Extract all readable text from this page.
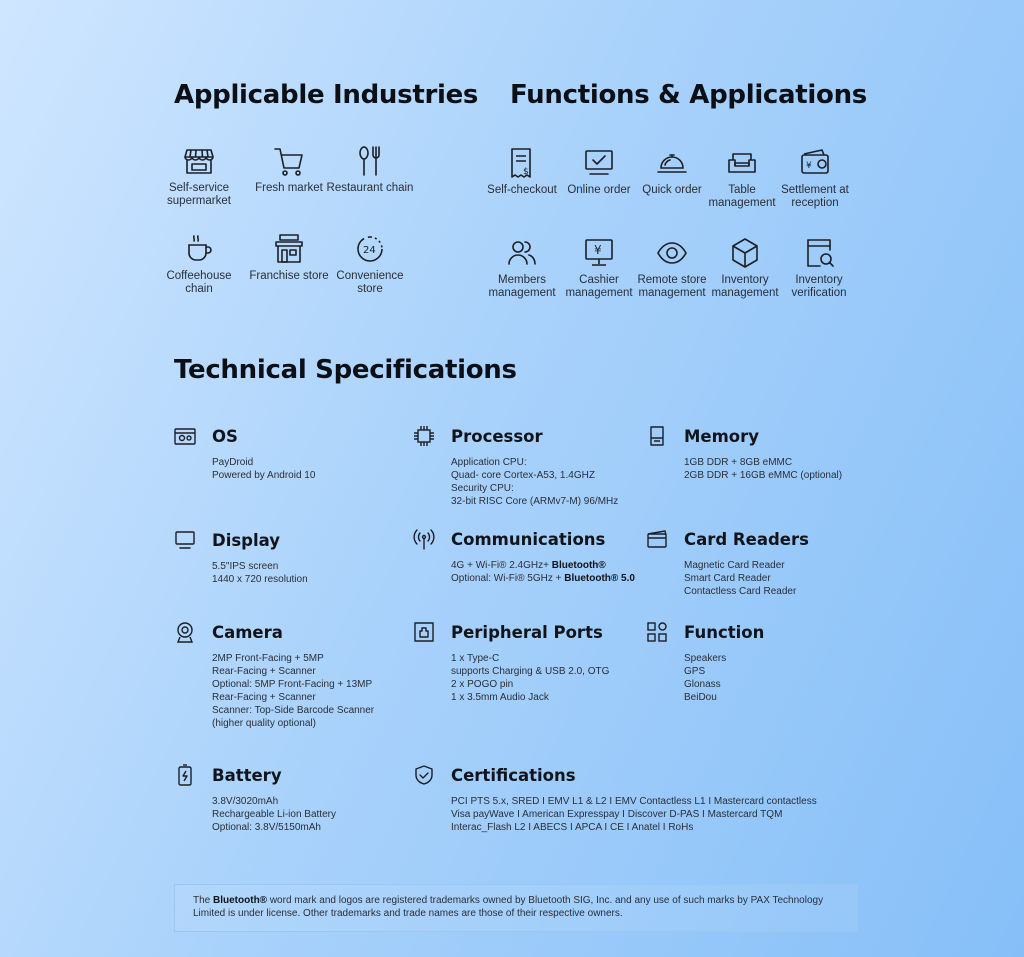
Applicable Industries Functions & Applications
Self-service supermarket
Fresh market Restaurant chain
Coffeehouse chain
Franchise store
24
Convenience store
$
Self-checkout Online order	Quick order	Table management
¥
Settlement at reception
Members management
¥
Cashier management
Remote store management
Inventory management
Inventory verification
Technical Specifications
OS
PayDroid
Powered by Android 10
Processor
Application CPU:
Quad- core Cortex-A53, 1.4GHZ
Security CPU:
32-bit RISC Core (ARMv7-M) 96/MHz
Memory
1GB DDR + 8GB eMMC
2GB DDR + 16GB eMMC (optional)
Display
5.5"IPS screen
1440 x 720 resolution
Communications
4G + Wi-Fi® 2.4GHz+ Bluetooth®
Optional: Wi-Fi® 5GHz + Bluetooth® 5.0
Card Readers
Magnetic Card Reader
Smart Card Reader
Contactless Card Reader
Camera
2MP Front-Facing + 5MP
Rear-Facing + Scanner
Optional: 5MP Front-Facing + 13MP
Rear-Facing + Scanner
Scanner: Top-Side Barcode Scanner
(higher quality optional)
Peripheral Ports
1 x Type-C
supports Charging & USB 2.0, OTG
2 x POGO pin
1 x 3.5mm Audio Jack
Function
Speakers
GPS
Glonass
BeiDou
Battery
3.8V/3020mAh
Rechargeable Li-ion Battery
Optional: 3.8V/5150mAh
Certifications
PCI PTS 5.x, SRED I EMV L1 & L2 I EMV Contactless L1 I Mastercard contactless
Visa payWave I American Expresspay I Discover D-PAS I Mastercard TQM
Interac_Flash L2 I ABECS I APCA I CE I Anatel I RoHs
The Bluetooth® word mark and logos are registered trademarks owned by Bluetooth SIG, Inc. and any use of such marks by PAX Technology Limited is under license. Other trademarks and trade names are those of their respective owners.
